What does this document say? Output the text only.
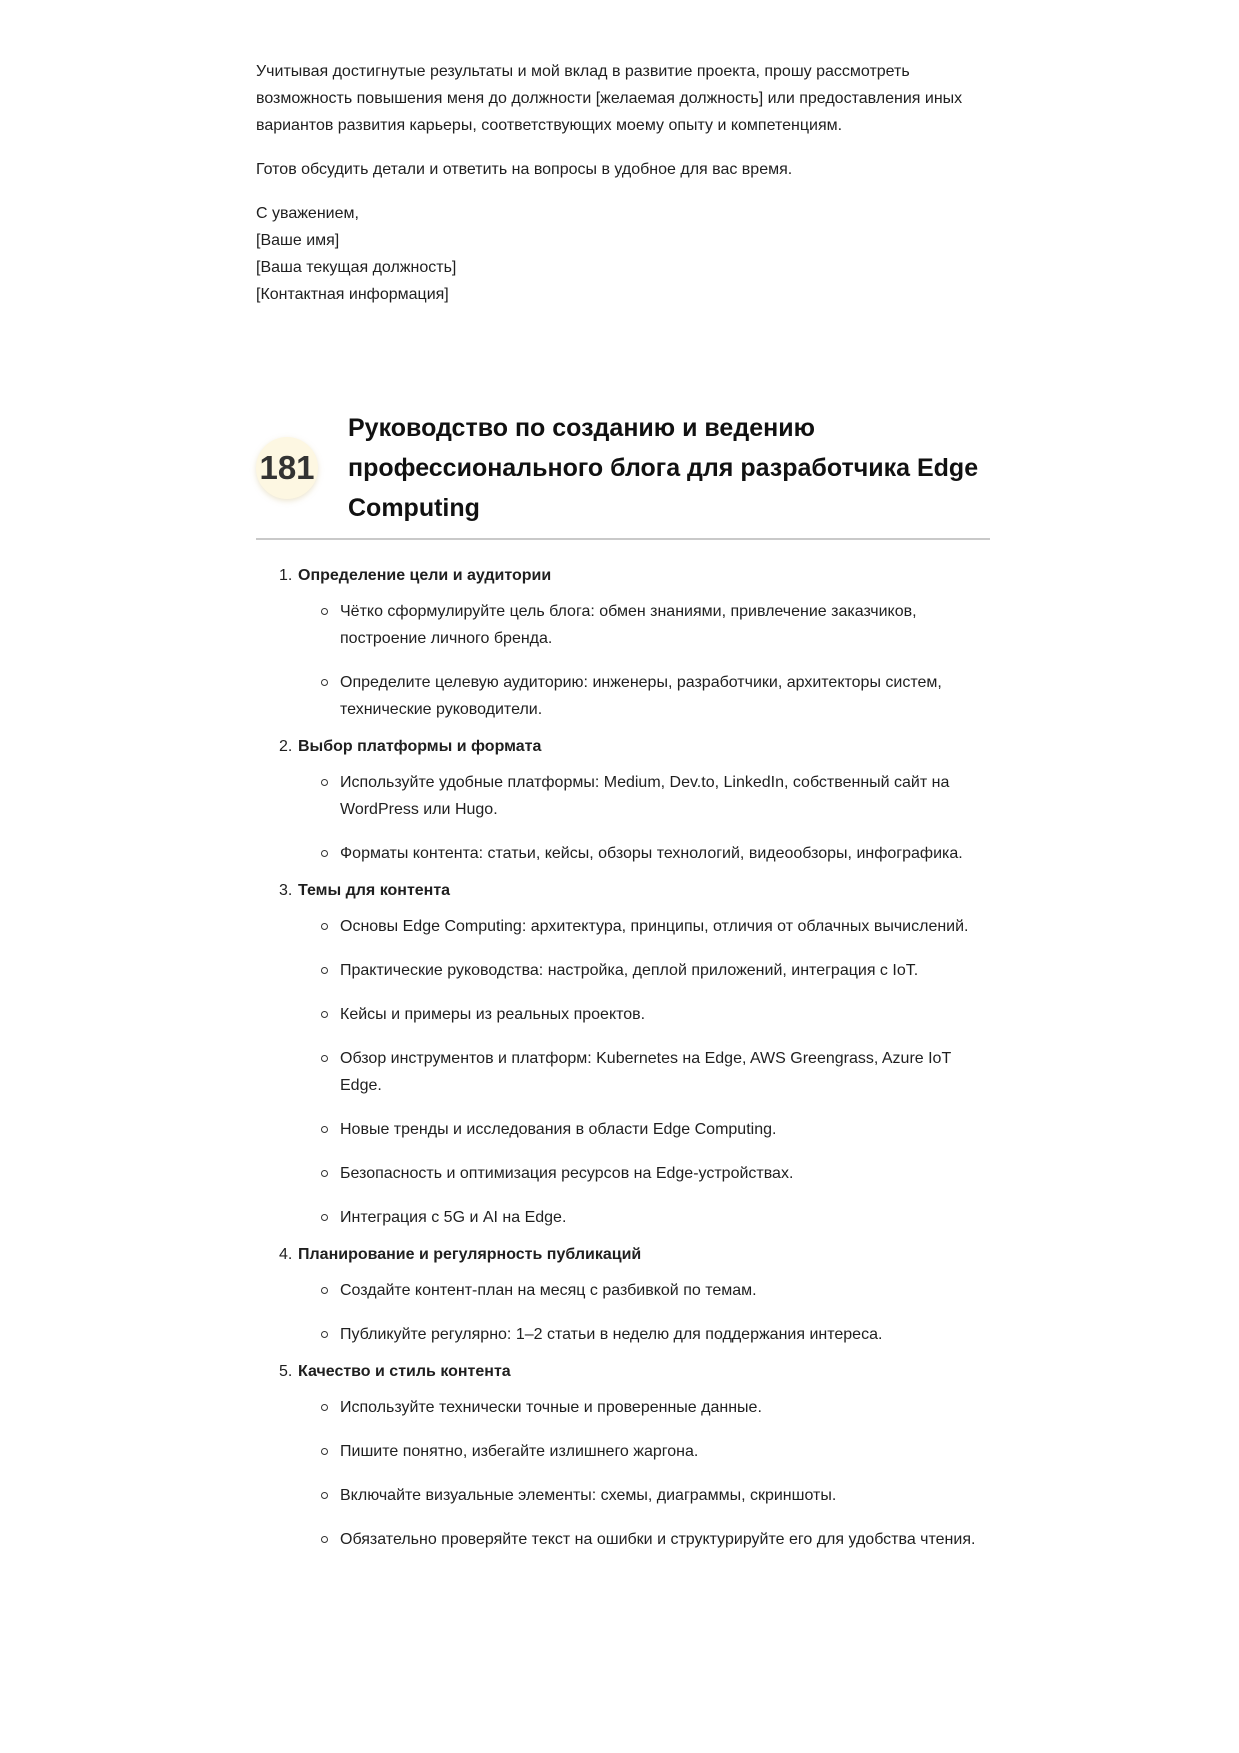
Учитывая достигнутые результаты и мой вклад в развитие проекта, прошу рассмотреть возможность повышения меня до должности [желаемая должность] или предоставления иных вариантов развития карьеры, соответствующих моему опыту и компетенциям.

Готов обсудить детали и ответить на вопросы в удобное для вас время.

С уважением,
[Ваше имя]
[Ваша текущая должность]
[Контактная информация]
181
Руководство по созданию и ведению профессионального блога для разработчика Edge Computing
1. Определение цели и аудитории
Чётко сформулируйте цель блога: обмен знаниями, привлечение заказчиков, построение личного бренда.
Определите целевую аудиторию: инженеры, разработчики, архитекторы систем, технические руководители.
2. Выбор платформы и формата
Используйте удобные платформы: Medium, Dev.to, LinkedIn, собственный сайт на WordPress или Hugo.
Форматы контента: статьи, кейсы, обзоры технологий, видеообзоры, инфографика.
3. Темы для контента
Основы Edge Computing: архитектура, принципы, отличия от облачных вычислений.
Практические руководства: настройка, деплой приложений, интеграция с IoT.
Кейсы и примеры из реальных проектов.
Обзор инструментов и платформ: Kubernetes на Edge, AWS Greengrass, Azure IoT Edge.
Новые тренды и исследования в области Edge Computing.
Безопасность и оптимизация ресурсов на Edge-устройствах.
Интеграция с 5G и AI на Edge.
4. Планирование и регулярность публикаций
Создайте контент-план на месяц с разбивкой по темам.
Публикуйте регулярно: 1–2 статьи в неделю для поддержания интереса.
5. Качество и стиль контента
Используйте технически точные и проверенные данные.
Пишите понятно, избегайте излишнего жаргона.
Включайте визуальные элементы: схемы, диаграммы, скриншоты.
Обязательно проверяйте текст на ошибки и структурируйте его для удобства чтения.
